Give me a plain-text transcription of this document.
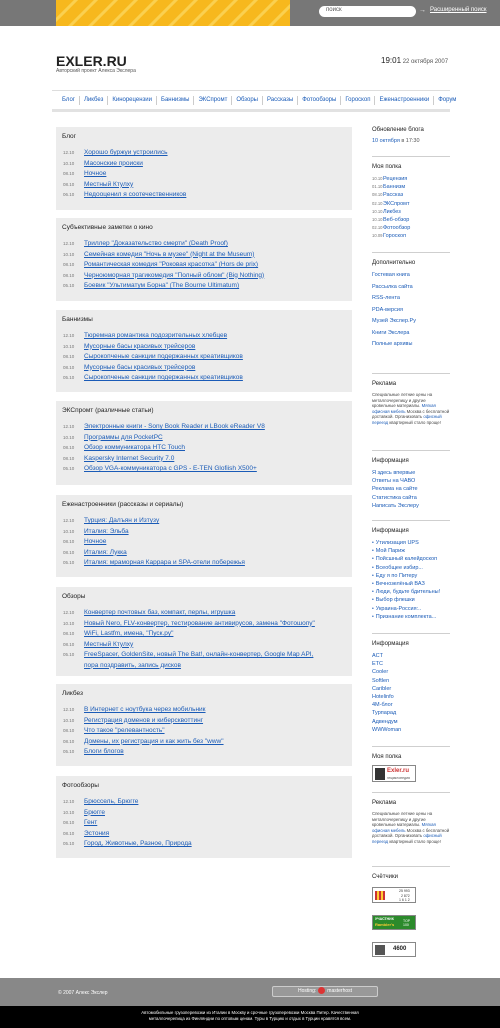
поиск	→ Расширенный поиск
EXLER.RU
Авторский проект Алекса Экслера
19:01 22 октября 2007
Блог	Ликбез	Кинорецензии	Баннизмы	ЭКСпромт	Обзоры	Рассказы	Фотообзоры	Гороскоп	Еженастроенники	Форум
Блог
12.10 Хорошо буржуи устроились
10.10 Масонские происки
08.10 Ночное
08.10 Местный Ктулху
06.10 Недооценил я соотечественников
Субъективные заметки о кино
12.10 Триллер "Доказательство смерти" (Death Proof)
10.10 Семейная комедия "Ночь в музее" (Night at the Museum)
08.10 Романтическая комедия "Роковая красотка" (Hors de prix)
08.10 Черноюморная трагикомедия "Полный облом" (Big Nothing)
05.10 Боевик "Ультиматум Борна" (The Bourne Ultimatum)
Баннизмы
12.10 Тюремная романтика подозрительных хлебцев
10.10 Мусорные басы красивых трейсеров
08.10 Сырокопченые санкции подержанных креативщиков
08.10 Мусорные басы красивых трейсеров
05.10 Сырокопченые санкции подержанных креативщиков
ЭКСпромт (различные статьи)
12.10 Электронные книги - Sony Book Reader и LBook eReader V8
10.10 Программы для PocketPC
08.10 Обзор коммуникатора HTC Touch
08.10 Kaspersky Internet Security 7.0
05.10 Обзор VGA-коммуникатора с GPS - E-TEN Glofiish X500+
Еженастроенники (рассказы и сериалы)
12.10 Турция: Далъян и Изтузу
10.10 Италия: Эльба
08.10 Ночное
08.10 Италия: Лукка
05.10 Италия: мраморная Каррара и SPA-отели побережья
Обзоры
12.10 Конвертер почтовых баз, компакт, перлы, игрушка
10.10 Новый Nero, FLV-конвертер, тестирование антивирусов, замена "Фотошопу"
08.10 WiFi, Lastfm, имена, "Пуск.ру"
08.10 Местный Ктулху
05.10 FreeSpacer, GoldenSite, новый The Bat!, онлайн-конвертер, Google Map API,
пора поздравить, запись дисков
Ликбез
12.10 В Интернет с ноутбука через мобильник
10.10 Регистрация доменов и киберсквоттинг
08.10 Что такое "релевантность"
08.10 Домены, их регистрация и как жить без "www"
05.10 Блоги блогов
Фотообзоры
12.10 Брюссель, Брюгге
10.10 Брюгге
08.10 Гент
08.10 Эстония
05.10 Город, Животные, Разное, Природа
Обновление блога
10 октября в 17:30
Моя полка
10.10Рецензия
01.10Баннизм
08.10Рассказ
02.10ЭКСпромт
10.10Ликбез
10.10Веб-обзор
02.10Фотообзор
10.09Гороскоп
Дополнительно
Гостевая книга
Рассылка сайта
RSS-лента
PDA-версия
Музей Экслер.Ру
Книги Экслера
Полные архивы
Реклама

Специальные летние цены на металлочерепицу и другие кровельные материалы. Мягкая офисная мебель Москва с бесплатной доставкой. Организовать офисный переезд квартирный стало проще!

Информация
Я здесь впервые
Ответы на ЧАВО
Реклама на сайте
Статистика сайта
Написать Экслеру
Информация
• Утилизация UPS
• Мой Париж
• Пойсшный калейдоскоп
• Всеобщее избир...
• Еду я по Питеру
• Вечнозелёный ВАЗ
• Люди, будьте бдительны!
• Выбор флешки
• Украина-Россия:..
• Признание комплекта...
Информация
ACT
ETC
Cooler
Softlen
Caribler
Hotelinfo
4M-блог
Турпарад
Адвендум
WWWoman
Моя полка
Exler.ru
энциклопедия
Реклама

Специальные летние цены на металлочерепицу и другие кровельные материалы. Мягкая офисная мебель Москва с бесплатной доставкой. Организовать офисный переезд квартирный стало проще!

Счётчики
25 993
2 872
1 6 1 2

УЧАСТНИК
Rambler's
TOP 100

4600
© 2007 Алекс Экслер	Hosting: masterhost
Автомобильные грузоперевозки из Италии в Москву и срочные грузоперевозки Москва Питер. Качественная
металлочерепица из Финляндии по оптовым ценам. Туры в Турцию и отдых в Турции нравятся всем.
